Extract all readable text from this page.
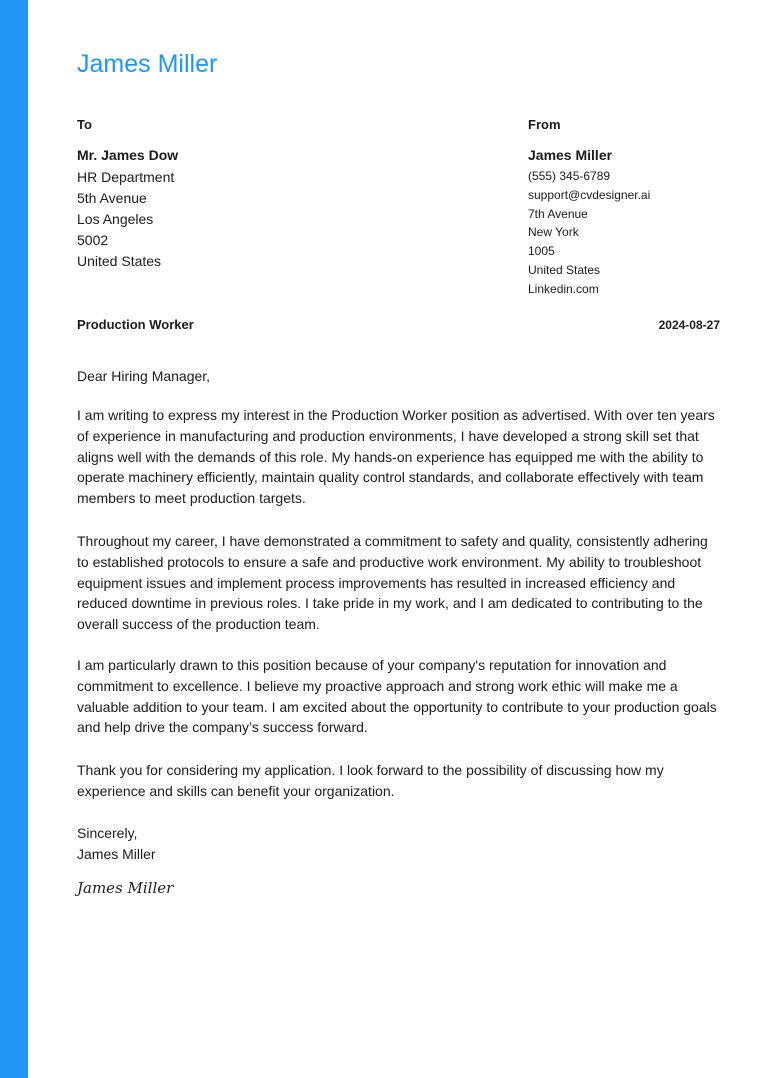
James Miller
To
Mr. James Dow
HR Department
5th Avenue
Los Angeles
5002
United States
From
James Miller
(555) 345-6789
support@cvdesigner.ai
7th Avenue
New York
1005
United States
Linkedin.com
Production Worker	2024-08-27
Dear Hiring Manager,
I am writing to express my interest in the Production Worker position as advertised. With over ten years of experience in manufacturing and production environments, I have developed a strong skill set that aligns well with the demands of this role. My hands-on experience has equipped me with the ability to operate machinery efficiently, maintain quality control standards, and collaborate effectively with team members to meet production targets.
Throughout my career, I have demonstrated a commitment to safety and quality, consistently adhering to established protocols to ensure a safe and productive work environment. My ability to troubleshoot equipment issues and implement process improvements has resulted in increased efficiency and reduced downtime in previous roles. I take pride in my work, and I am dedicated to contributing to the overall success of the production team.
I am particularly drawn to this position because of your company's reputation for innovation and commitment to excellence. I believe my proactive approach and strong work ethic will make me a valuable addition to your team. I am excited about the opportunity to contribute to your production goals and help drive the company’s success forward.
Thank you for considering my application. I look forward to the possibility of discussing how my experience and skills can benefit your organization.
Sincerely,
James Miller
James Miller
